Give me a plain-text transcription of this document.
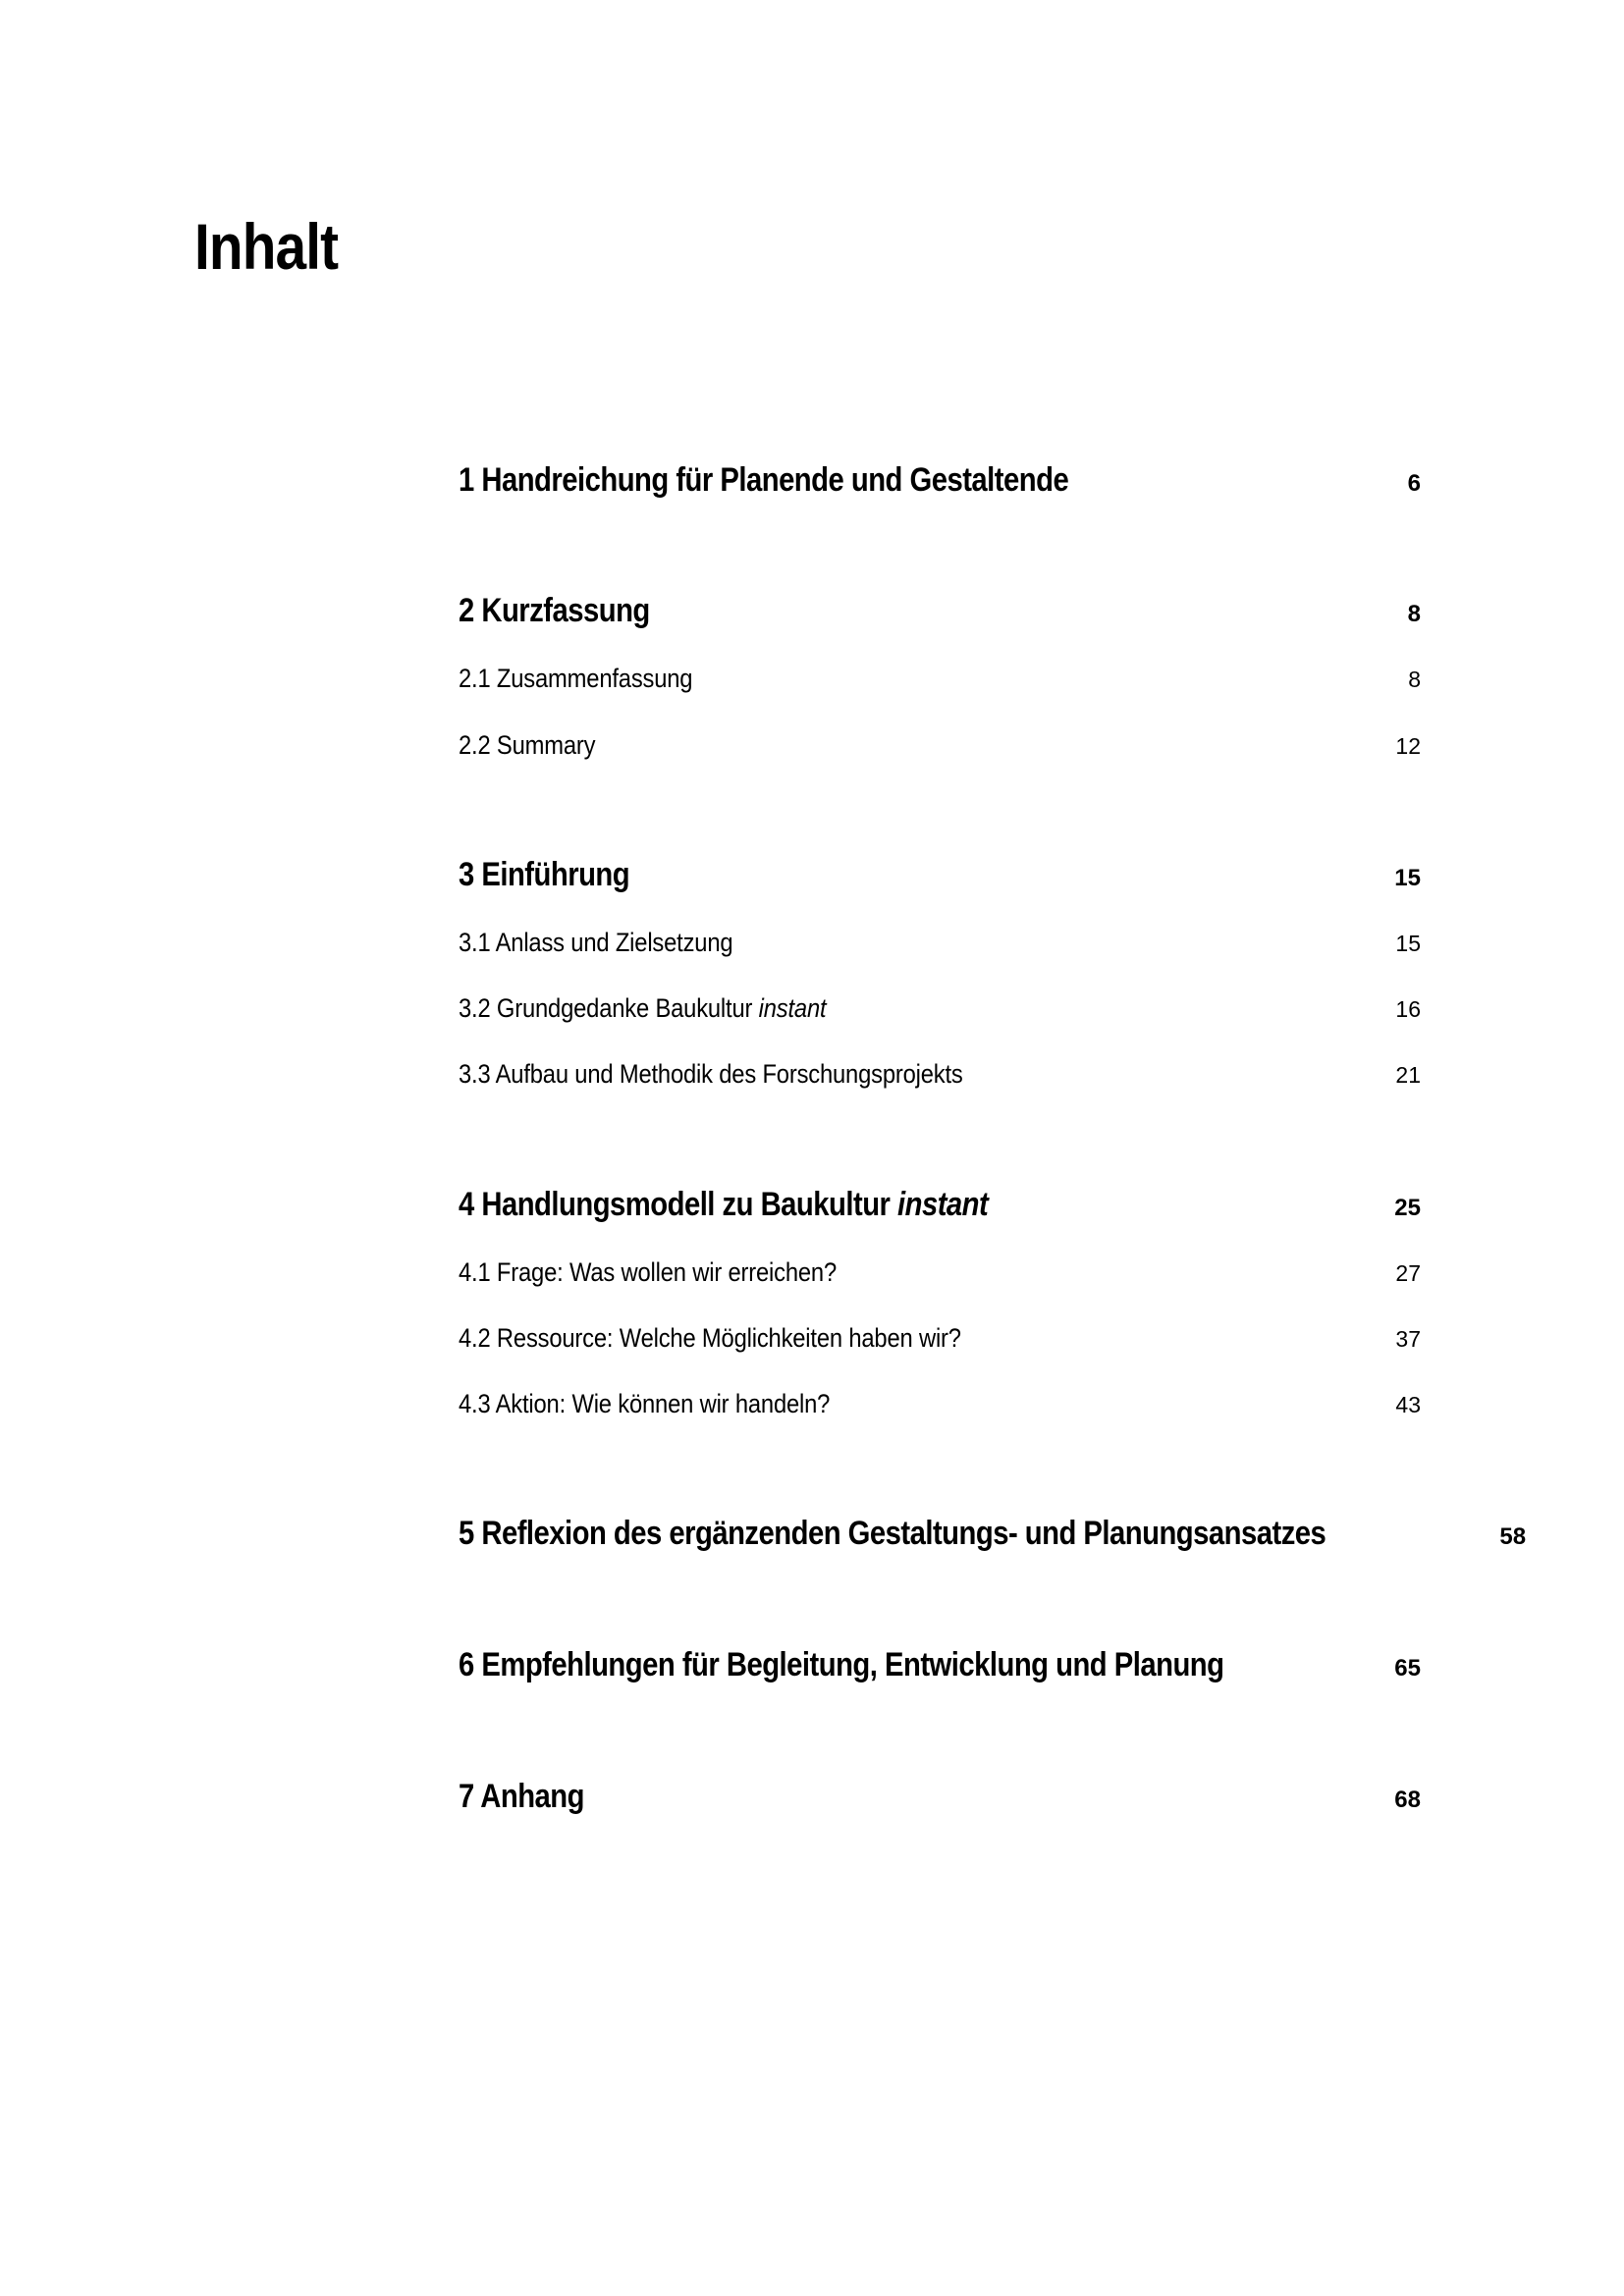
Inhalt
1 Handreichung für Planende und Gestaltende	6
2 Kurzfassung	8
2.1 Zusammenfassung	8
2.2 Summary	12
3 Einführung	15
3.1 Anlass und Zielsetzung	15
3.2 Grundgedanke Baukultur instant	16
3.3 Aufbau und Methodik des Forschungsprojekts	21
4 Handlungsmodell zu Baukultur instant	25
4.1 Frage: Was wollen wir erreichen?	27
4.2 Ressource: Welche Möglichkeiten haben wir?	37
4.3 Aktion: Wie können wir handeln?	43
5 Reflexion des ergänzenden Gestaltungs- und Planungsansatzes	58
6 Empfehlungen für Begleitung, Entwicklung und Planung	65
7 Anhang	68
